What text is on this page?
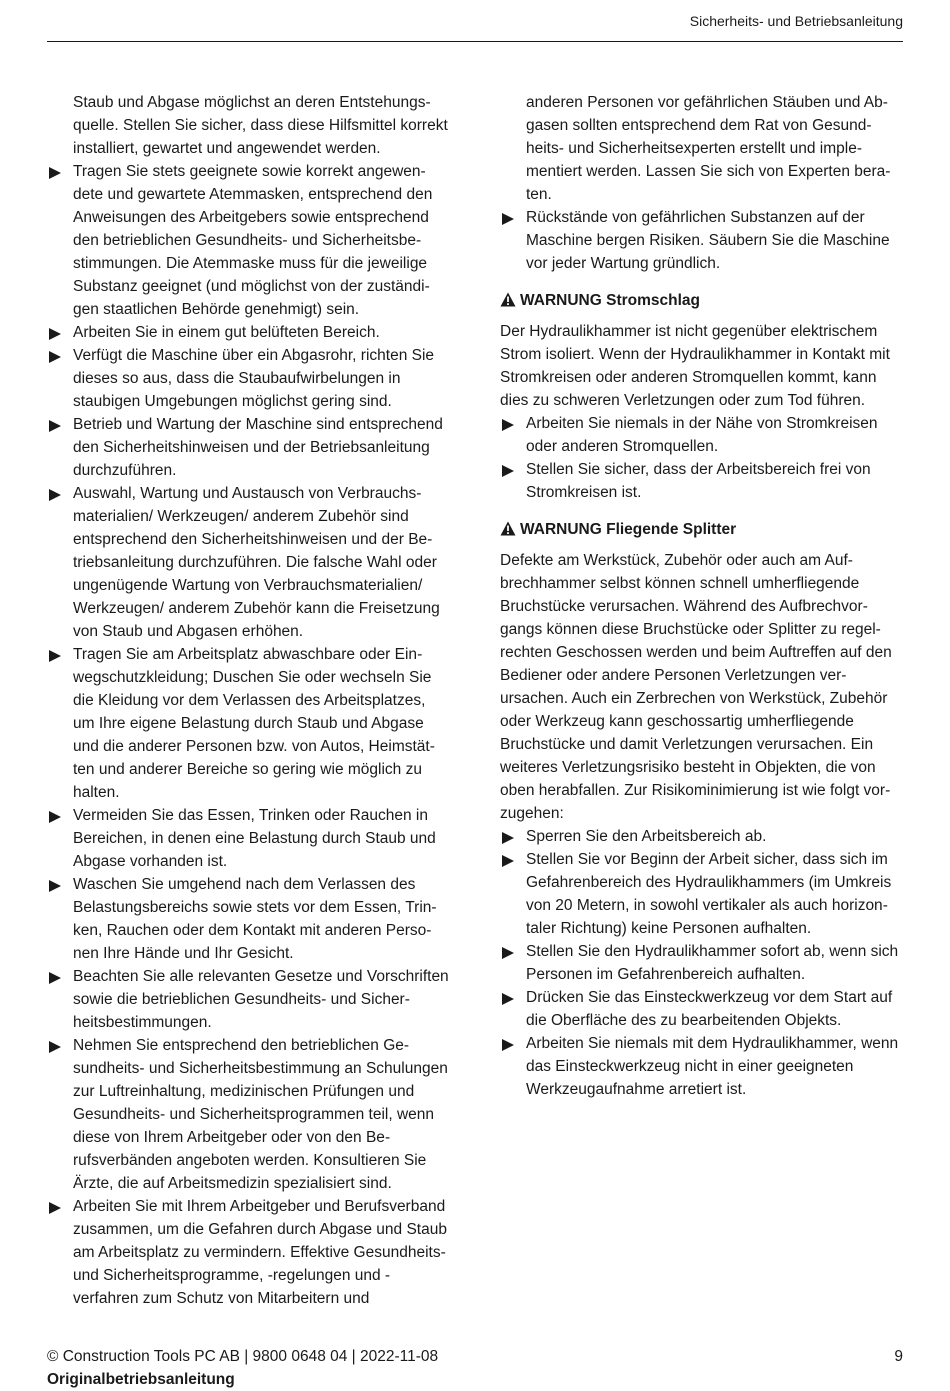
Sicherheits- und Betriebsanleitung

Staub und Abgase möglichst an deren Entstehungsquelle. Stellen Sie sicher, dass diese Hilfsmittel korrekt installiert, gewartet und angewendet werden.

Tragen Sie stets geeignete sowie korrekt angewendete und gewartete Atemmasken, entsprechend den Anweisungen des Arbeitgebers sowie entsprechend den betrieblichen Gesundheits- und Sicherheitsbestimmungen. Die Atemmaske muss für die jeweilige Substanz geeignet (und möglichst von der zuständigen staatlichen Behörde genehmigt) sein.

Arbeiten Sie in einem gut belüfteten Bereich.

Verfügt die Maschine über ein Abgasrohr, richten Sie dieses so aus, dass die Staubaufwirbelungen in staubigen Umgebungen möglichst gering sind.

Betrieb und Wartung der Maschine sind entsprechend den Sicherheitshinweisen und der Betriebsanleitung durchzuführen.

Auswahl, Wartung und Austausch von Verbrauchsmaterialien/ Werkzeugen/ anderem Zubehör sind entsprechend den Sicherheitshinweisen und der Betriebsanleitung durchzuführen. Die falsche Wahl oder ungenügende Wartung von Verbrauchsmaterialien/ Werkzeugen/ anderem Zubehör kann die Freisetzung von Staub und Abgasen erhöhen.

Tragen Sie am Arbeitsplatz abwaschbare oder Einwegschutzkleidung; Duschen Sie oder wechseln Sie die Kleidung vor dem Verlassen des Arbeitsplatzes, um Ihre eigene Belastung durch Staub und Abgase und die anderer Personen bzw. von Autos, Heimstätten und anderer Bereiche so gering wie möglich zu halten.

Vermeiden Sie das Essen, Trinken oder Rauchen in Bereichen, in denen eine Belastung durch Staub und Abgase vorhanden ist.

Waschen Sie umgehend nach dem Verlassen des Belastungsbereichs sowie stets vor dem Essen, Trinken, Rauchen oder dem Kontakt mit anderen Personen Ihre Hände und Ihr Gesicht.

Beachten Sie alle relevanten Gesetze und Vorschriften sowie die betrieblichen Gesundheits- und Sicherheitsbestimmungen.

Nehmen Sie entsprechend den betrieblichen Gesundheits- und Sicherheitsbestimmung an Schulungen zur Luftreinhaltung, medizinischen Prüfungen und Gesundheits- und Sicherheitsprogrammen teil, wenn diese von Ihrem Arbeitgeber oder von den Berufsverbänden angeboten werden. Konsultieren Sie Ärzte, die auf Arbeitsmedizin spezialisiert sind.

Arbeiten Sie mit Ihrem Arbeitgeber und Berufsverband zusammen, um die Gefahren durch Abgase und Staub am Arbeitsplatz zu vermindern. Effektive Gesundheits- und Sicherheitsprogramme, -regelungen und -verfahren zum Schutz von Mitarbeitern und

anderen Personen vor gefährlichen Stäuben und Abgasen sollten entsprechend dem Rat von Gesundheits- und Sicherheitsexperten erstellt und implementiert werden. Lassen Sie sich von Experten beraten.

Rückstände von gefährlichen Substanzen auf der Maschine bergen Risiken. Säubern Sie die Maschine vor jeder Wartung gründlich.

WARNUNG Stromschlag

Der Hydraulikhammer ist nicht gegenüber elektrischem Strom isoliert. Wenn der Hydraulikhammer in Kontakt mit Stromkreisen oder anderen Stromquellen kommt, kann dies zu schweren Verletzungen oder zum Tod führen.

Arbeiten Sie niemals in der Nähe von Stromkreisen oder anderen Stromquellen.

Stellen Sie sicher, dass der Arbeitsbereich frei von Stromkreisen ist.

WARNUNG Fliegende Splitter

Defekte am Werkstück, Zubehör oder auch am Aufbrechhammer selbst können schnell umherfliegende Bruchstücke verursachen. Während des Aufbrechvorgangs können diese Bruchstücke oder Splitter zu regelrechten Geschossen werden und beim Auftreffen auf den Bediener oder andere Personen Verletzungen verursachen. Auch ein Zerbrechen von Werkstück, Zubehör oder Werkzeug kann geschossartig umherfliegende Bruchstücke und damit Verletzungen verursachen. Ein weiteres Verletzungsrisiko besteht in Objekten, die von oben herabfallen. Zur Risikominimierung ist wie folgt vorzugehen:

Sperren Sie den Arbeitsbereich ab.

Stellen Sie vor Beginn der Arbeit sicher, dass sich im Gefahrenbereich des Hydraulikhammers (im Umkreis von 20 Metern, in sowohl vertikaler als auch horizontaler Richtung) keine Personen aufhalten.

Stellen Sie den Hydraulikhammer sofort ab, wenn sich Personen im Gefahrenbereich aufhalten.

Drücken Sie das Einsteckwerkzeug vor dem Start auf die Oberfläche des zu bearbeitenden Objekts.

Arbeiten Sie niemals mit dem Hydraulikhammer, wenn das Einsteckwerkzeug nicht in einer geeigneten Werkzeugaufnahme arretiert ist.

© Construction Tools PC AB | 9800 0648 04 | 2022-11-08
Originalbetriebsanleitung
9
